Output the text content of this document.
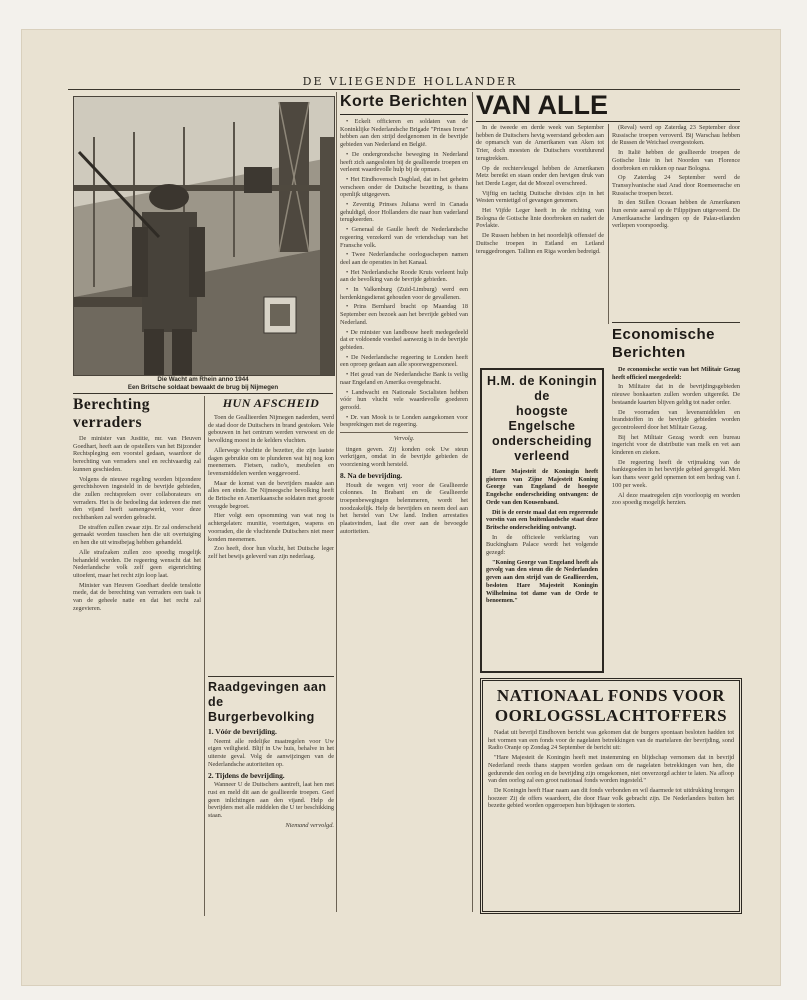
DE VLIEGENDE HOLLANDER
Die Wacht am Rhein anno 1944
Een Britsche soldaat bewaakt de brug bij Nijmegen
Korte Berichten

• Eckelt officieren en soldaten van de Koninklijke Nederlandsche Brigade "Prinses Irene" hebben aan den strijd deelgenomen in de bevrijde gebieden van Nederland en België.

• De ondergrondsche beweging in Nederland heeft zich aangesloten bij de geallieerde troepen en verleent waardevolle hulp bij de opmars.

• Het Eindhovensch Dagblad, dat in het geheim verscheen onder de Duitsche bezetting, is thans openlijk uitgegeven.

• Zeventig Prinses Juliana werd in Canada gehuldigd, door Hollanders die naar hun vaderland terugkeerden.

• Generaal de Gaulle heeft de Nederlandsche regeering verzekerd van de vriendschap van het Fransche volk.

• Twee Nederlandsche oorlogsschepen namen deel aan de operaties in het Kanaal.

• Het Nederlandsche Roode Kruis verleent hulp aan de bevolking van de bevrijde gebieden.

• In Valkenburg (Zuid-Limburg) werd een herdenkingsdienst gehouden voor de gevallenen.

• Prins Bernhard bracht op Maandag 18 September een bezoek aan het bevrijde gebied van Nederland.

• De minister van landbouw heeft medegedeeld dat er voldoende voedsel aanwezig is in de bevrijde gebieden.

• De Nederlandsche regeering te Londen heeft een oproep gedaan aan alle spoorwegpersoneel.

• Het goud van de Nederlandsche Bank is veilig naar Engeland en Amerika overgebracht.

• Landwacht en Nationale Socialisten hebben vóór hun vlucht vele waardevolle goederen geroofd.

• Dr. van Mook is te Londen aangekomen voor besprekingen met de regeering.

Vervolg.

tingen geven. Zij konden ook Uw steun verkrijgen, omdat in de bevrijde gebieden de voorziening wordt hersteld.

8. Na de bevrijding.

Houdt de wegen vrij voor de Geallieerde colonnes. In Brabant en de Geallieerde troepenbewegingen belemmeren, wordt het noodzakelijk. Help de bevrijders en neem deel aan het herstel van Uw land. Indien arrestaties plaatsvinden, laat die over aan de bevoegde autoriteiten.

VAN ALLE

In de tweede en derde week van September hebben de Duitschers hevig weerstand geboden aan de opmarsch van de Amerikanen van Aken tot Trier, doch moesten de Duitschers voortdurend terugtrekken.

Op de rechtervleugel hebben de Amerikanen Metz bereikt en staan onder den hevigen druk van het Derde Leger, dat de Moezel overschreed.

Vijftig en tachtig Duitsche divisies zijn in het Westen vernietigd of gevangen genomen.

Het Vijfde Leger heeft in de richting van Bologna de Gotische linie doorbroken en nadert de Povlakte.

De Russen hebben in het noordelijk offensief de Duitsche troepen in Estland en Letland teruggedrongen. Tallinn en Riga worden bedreigd.

(Reval) werd op Zaterdag 23 September door Russische troepen veroverd. Bij Warschau hebben de Russen de Weichsel overgestoken.

In Italië hebben de geallieerde troepen de Gotische linie in het Noorden van Florence doorbroken en rukken op naar Bologna.

Op Zaterdag 24 September werd de Transsylvanische stad Arad door Roemeensche en Russische troepen bezet.

In den Stillen Oceaan hebben de Amerikanen hun eerste aanval op de Filippijnen uitgevoerd. De Amerikaansche landingen op de Palau-eilanden verliepen voorspoedig.

Economische
Berichten

De economische sectie van het Militair Gezag heeft officieel meegedeeld:

In Militaire dat in de bevrijdingsgebieden nieuwe bonkaarten zullen worden uitgereikt. De bestaande kaarten blijven geldig tot nader order.

De voorraden van levensmiddelen en brandstoffen in de bevrijde gebieden worden gecontroleerd door het Militair Gezag.

Bij het Militair Gezag wordt een bureau ingericht voor de distributie van melk en vet aan kinderen en zieken.

De regeering heeft de vrijmaking van de banktegoeden in het bevrijde gebied geregeld. Men kan thans weer geld opnemen tot een bedrag van f. 100 per week.

Al deze maatregelen zijn voorloopig en worden zoo spoedig mogelijk herzien.

H.M. de Koningin de
hoogste Engelsche
onderscheiding
verleend

Hare Majesteit de Koningin heeft gisteren van Zijne Majesteit Koning George van Engeland de hoogste Engelsche onderscheiding ontvangen: de Orde van den Kousenband.

Dit is de eerste maal dat een regeerende vorstin van een buitenlandsche staat deze Britsche onderscheiding ontvangt.

In de officieele verklaring van Buckingham Palace wordt het volgende gezegd:

"Koning George van Engeland heeft als gevolg van den steun die de Nederlanden geven aan den strijd van de Geallieerden, besloten Hare Majesteit Koningin Wilhelmina tot dame van de Orde te benoemen."

NATIONAAL FONDS VOOR
OORLOGSSLACHTOFFERS

Nadat uit bevrijd Eindhoven bericht was gekomen dat de burgers spontaan besloten hadden tot het vormen van een fonds voor de nagelaten betrekkingen van de martelaren der bevrijding, sond Radio Oranje op Zondag 24 September de bericht uit:

"Hare Majesteit de Koningin heeft met instemming en blijdschap vernomen dat in bevrijd Nederland reeds thans stappen worden gedaan om de nagelaten betrekkingen van hen, die gedurende den oorlog en de bevrijding zijn omgekomen, niet onverzorgd achter te laten. Na afloop van den oorlog zal een groot nationaal fonds worden ingesteld."

De Koningin heeft Haar naam aan dit fonds verbonden en wil daarmede tot uitdrukking brengen hoezeer Zij de offers waardeert, die door Haar volk gebracht zijn. De Nederlanders buiten het bezette gebied worden opgeroepen hun bijdragen te storten.

Berechting
verraders

De minister van Justitie, mr. van Heuven Goedhart, heeft aan de opstellers van het Bijzonder Rechtspleging een voorstel gedaan, waardoor de berechting van verraders snel en rechtvaardig zal kunnen geschieden.

Volgens de nieuwe regeling worden bijzondere gerechtshoven ingesteld in de bevrijde gebieden, die zullen rechtspreken over collaborateurs en verraders. Het is de bedoeling dat iedereen die met den vijand heeft samengewerkt, voor deze rechtbanken zal worden gebracht.

De straffen zullen zwaar zijn. Er zal onderscheid gemaakt worden tusschen hen die uit overtuiging en hen die uit winstbejag hebben gehandeld.

Alle strafzaken zullen zoo spoedig mogelijk behandeld worden. De regeering wenscht dat het Nederlandsche volk zelf geen eigenrichting uitoefent, maar het recht zijn loop laat.

Minister van Heuven Goedhart deelde tenslotte mede, dat de berechting van verraders een taak is van de geheele natie en dat het recht zal zegevieren.

HUN AFSCHEID

Toen de Geallieerden Nijmegen naderden, werd de stad door de Duitschers in brand gestoken. Vele gebouwen in het centrum werden verwoest en de bevolking moest in de kelders vluchten.

Allerwege vluchtte de bezetter, die zijn laatste dagen gebruikte om te plunderen wat hij nog kon meenemen. Fietsen, radio's, meubelen en levensmiddelen werden weggevoerd.

Maar de komst van de bevrijders maakte aan alles een einde. De Nijmeegsche bevolking heeft de Britsche en Amerikaansche soldaten met groote vreugde begroet.

Hier volgt een opsomming van wat nog is achtergelaten: munitie, voertuigen, wapens en voorraden, die de vluchtende Duitschers niet meer konden meenemen.

Zoo heeft, door hun vlucht, het Duitsche leger zelf het bewijs geleverd van zijn nederlaag.

Raadgevingen aan
de Burgerbevolking
1. Vóór de bevrijding.

Neemt alle redelijke maatregelen voor Uw eigen veiligheid. Blijf in Uw huis, behalve in het uiterste geval. Volg de aanwijzingen van de Nederlandsche autoriteiten op.

2. Tijdens de bevrijding.

Wanneer U de Duitschers aantreft, laat hen met rust en meld dit aan de geallieerde troepen. Geef geen inlichtingen aan den vijand. Help de bevrijders met alle middelen die U ter beschikking staan.

Niemand vervolgd.
